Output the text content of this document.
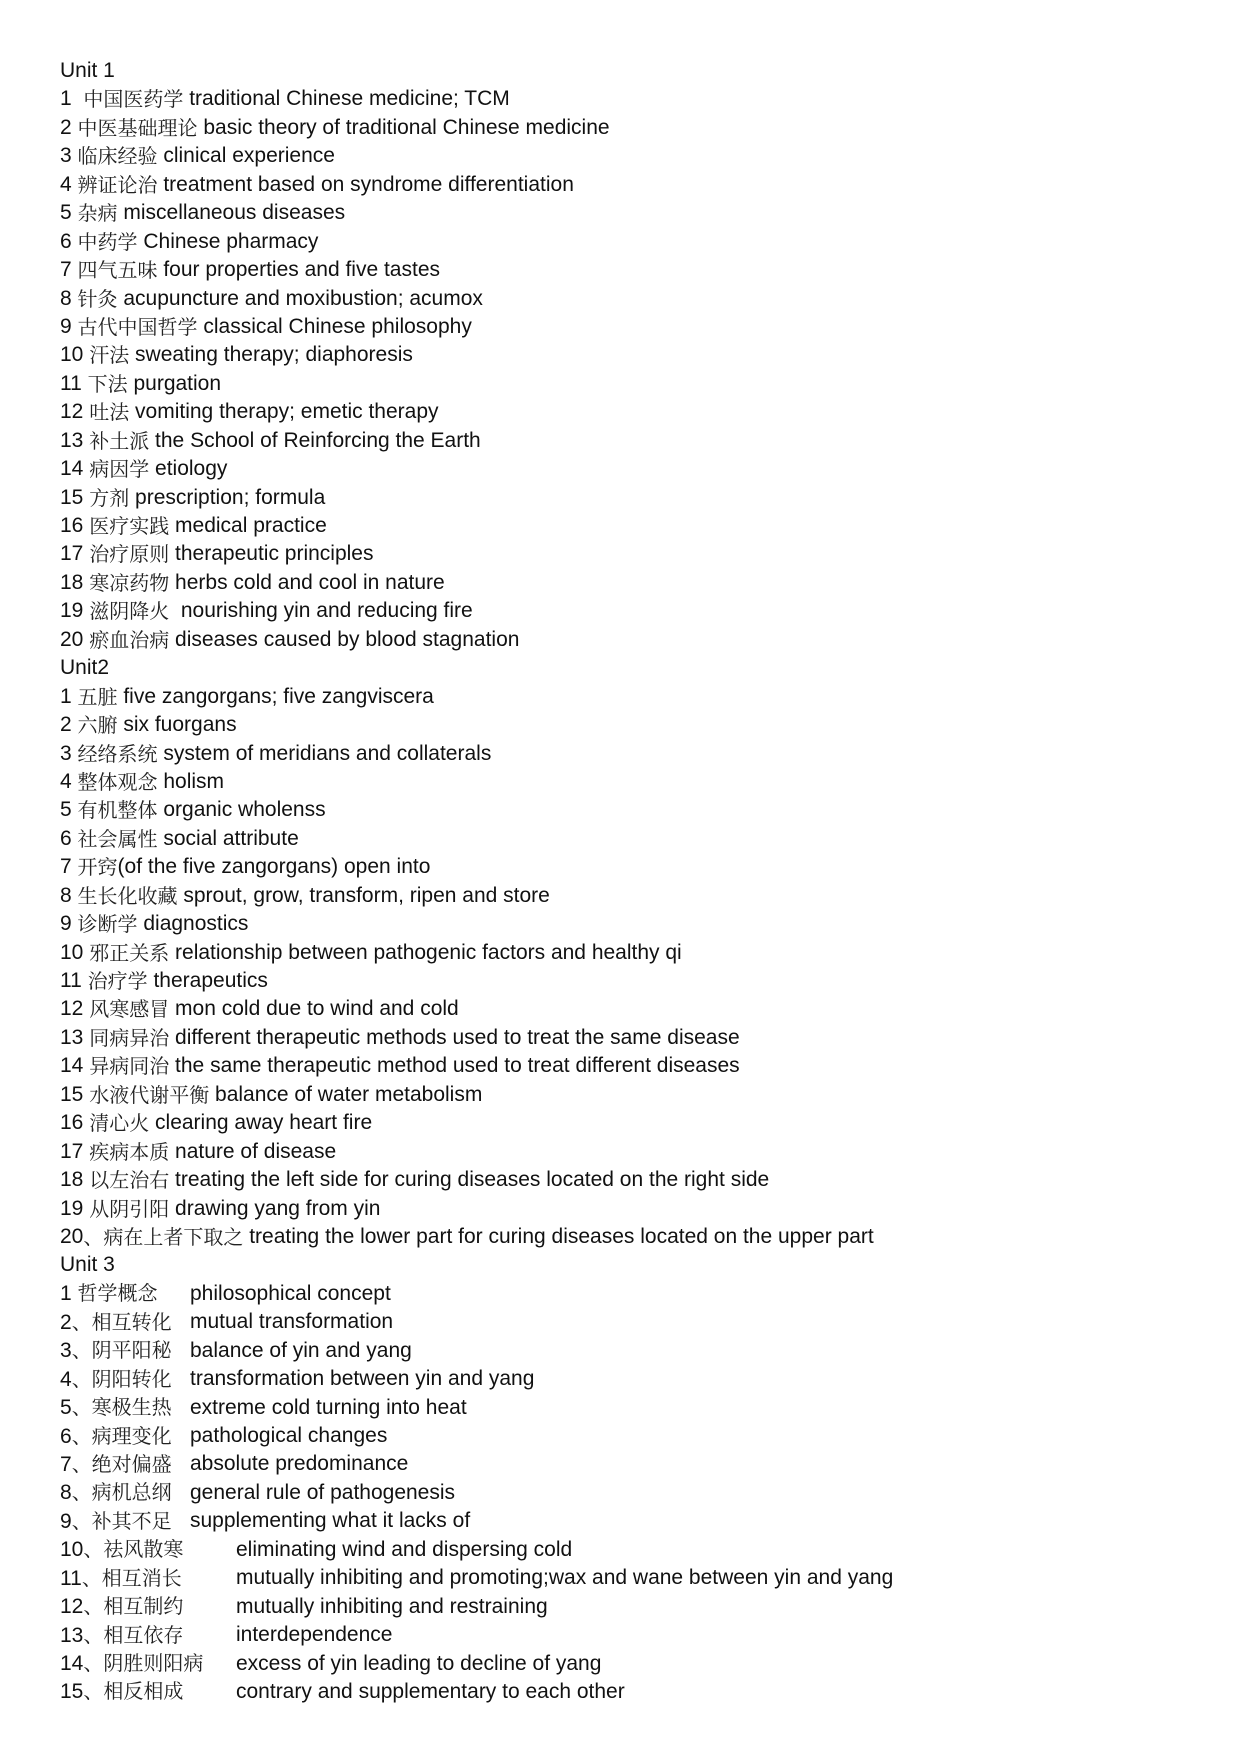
Unit 1
1 中国医药学 traditional Chinese medicine; TCM
2 中医基础理论 basic theory of traditional Chinese medicine
3 临床经验 clinical experience
4 辨证论治 treatment based on syndrome differentiation
5 杂病 miscellaneous diseases
6 中药学 Chinese pharmacy
7 四气五味 four properties and five tastes
8 针灸 acupuncture and moxibustion; acumox
9 古代中国哲学 classical Chinese philosophy
10 汗法 sweating therapy; diaphoresis
11 下法 purgation
12 吐法 vomiting therapy; emetic therapy
13 补土派 the School of Reinforcing the Earth
14 病因学 etiology
15 方剂 prescription; formula
16 医疗实践 medical practice
17 治疗原则 therapeutic principles
18 寒凉药物 herbs cold and cool in nature
19 滋阴降火 nourishing yin and reducing fire
20 瘀血治病 diseases caused by blood stagnation
Unit2
1 五脏 five zangorgans; five zangviscera
2 六腑 six fuorgans
3 经络系统 system of meridians and collaterals
4 整体观念 holism
5 有机整体 organic wholenss
6 社会属性 social attribute
7 开窍 (of the five zangorgans) open into
8 生长化收藏 sprout, grow, transform, ripen and store
9 诊断学 diagnostics
10 邪正关系 relationship between pathogenic factors and healthy qi
11 治疗学 therapeutics
12 风寒感冒 mon cold due to wind and cold
13 同病异治 different therapeutic methods used to treat the same disease
14 异病同治 the same therapeutic method used to treat different diseases
15 水液代谢平衡 balance of water metabolism
16 清心火 clearing away heart fire
17 疾病本质 nature of disease
18 以左治右 treating the left side for curing diseases located on the right side
19 从阴引阳 drawing yang from yin
20 、病在上者下取之 treating the lower part for curing diseases located on the upper part
Unit 3
1 哲学概念	philosophical concept
2、相互转化 mutual transformation
3、阴平阳秘 balance of yin and yang
4、阴阳转化 transformation between yin and yang
5、寒极生热 extreme cold turning into heat
6、病理变化 pathological changes
7、绝对偏盛 absolute predominance
8、病机总纲 general rule of pathogenesis
9、补其不足 supplementing what it lacks of
10、祛风散寒	eliminating wind and dispersing cold
11、相互消长	mutually inhibiting and promoting;wax and wane between yin and yang
12、相互制约	mutually inhibiting and restraining
13、相互依存	interdependence
14、阴胜则阳病	excess of yin leading to decline of yang
15、相反相成	contrary and supplementary to each other
